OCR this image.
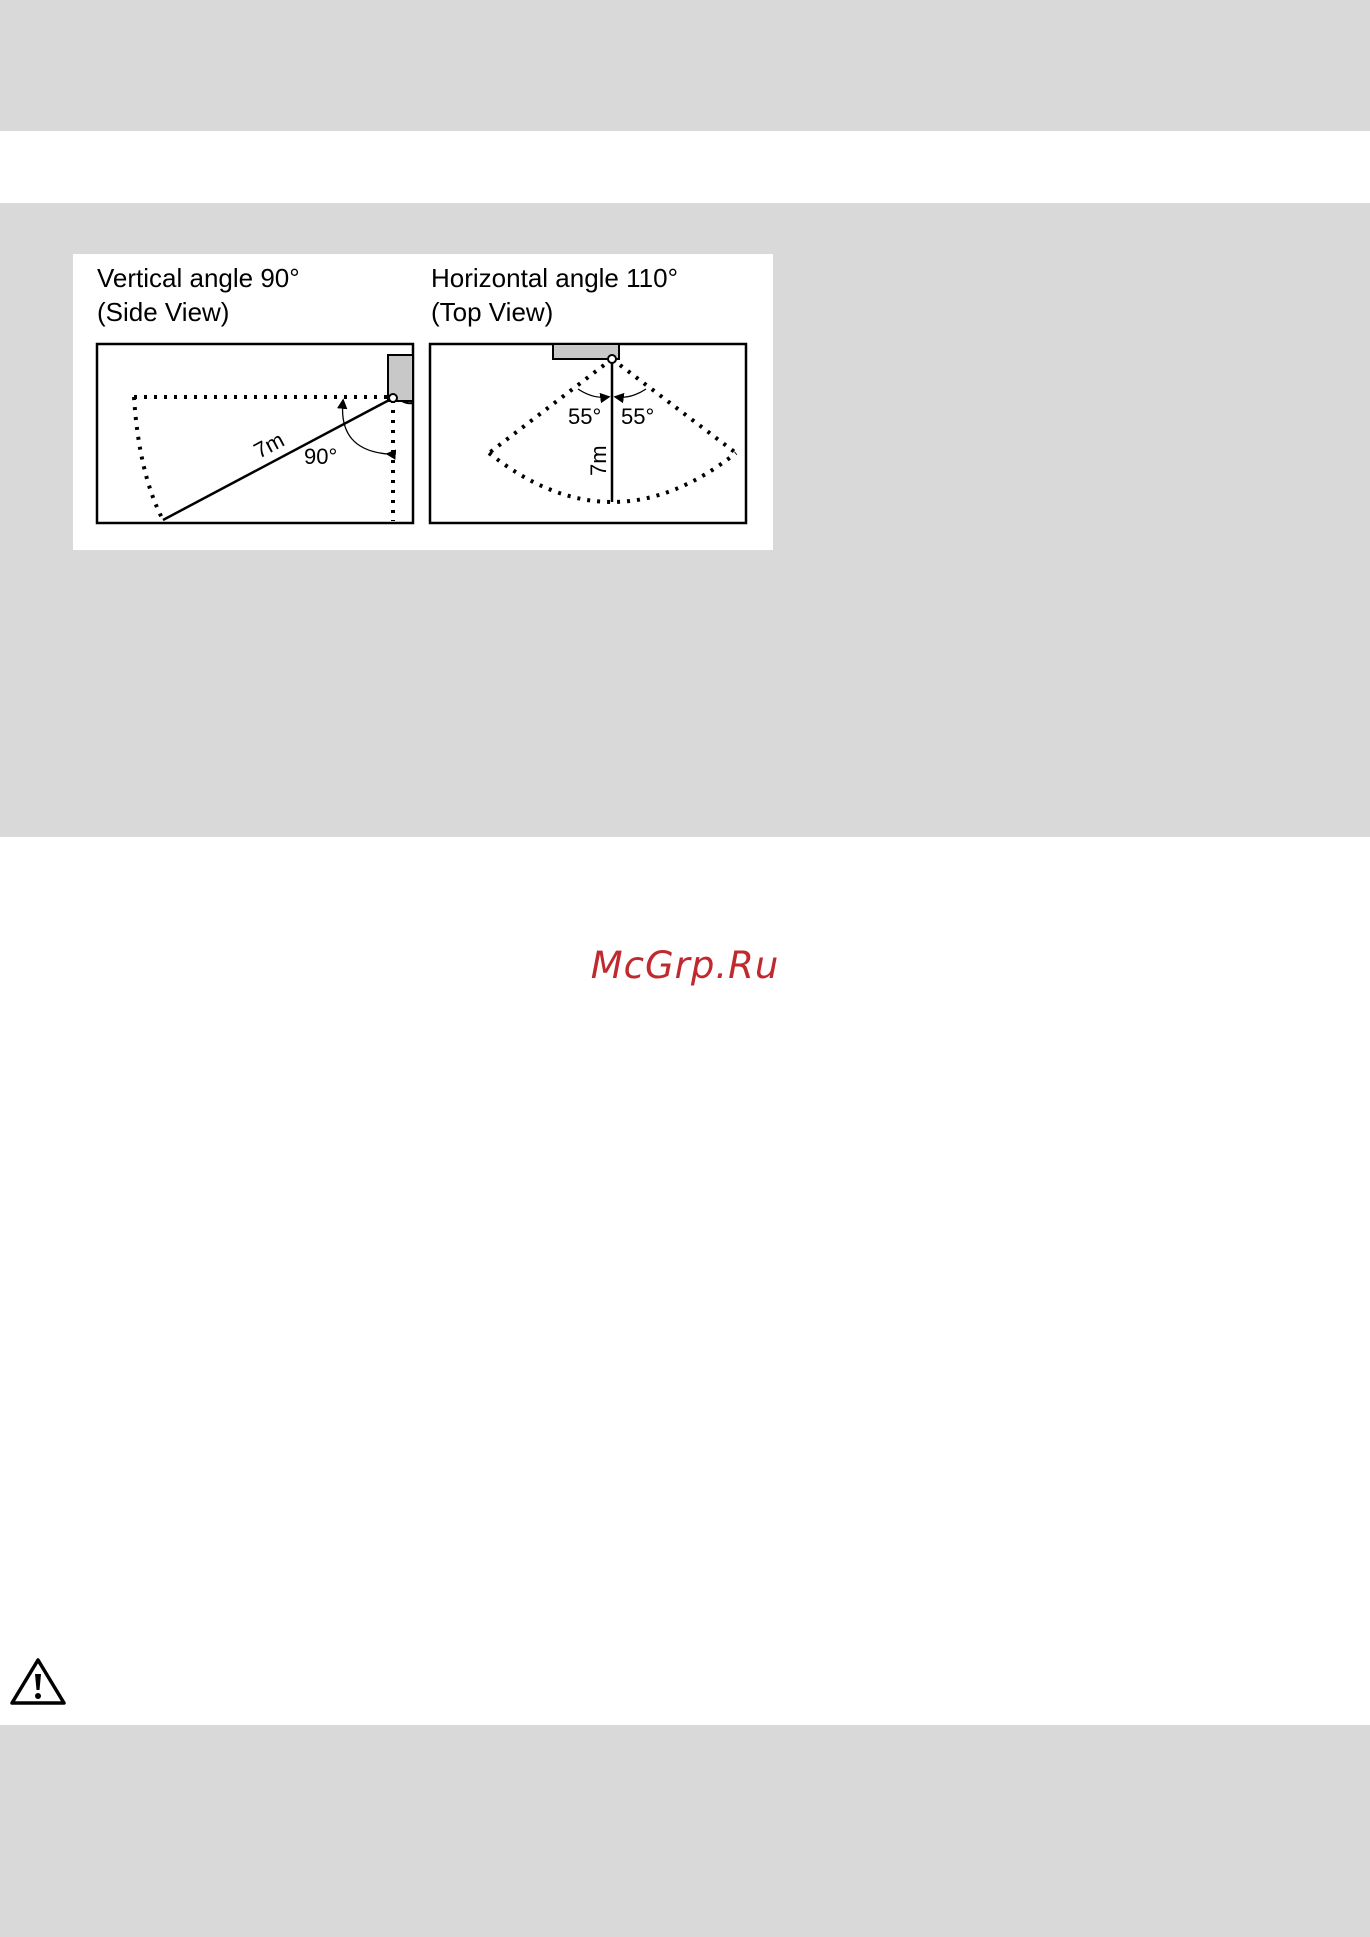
Vertical angle 90°
(Side View)
Horizontal angle 110°
(Top View)
7m 90°
55° 55°
7m
McGrp.Ru
